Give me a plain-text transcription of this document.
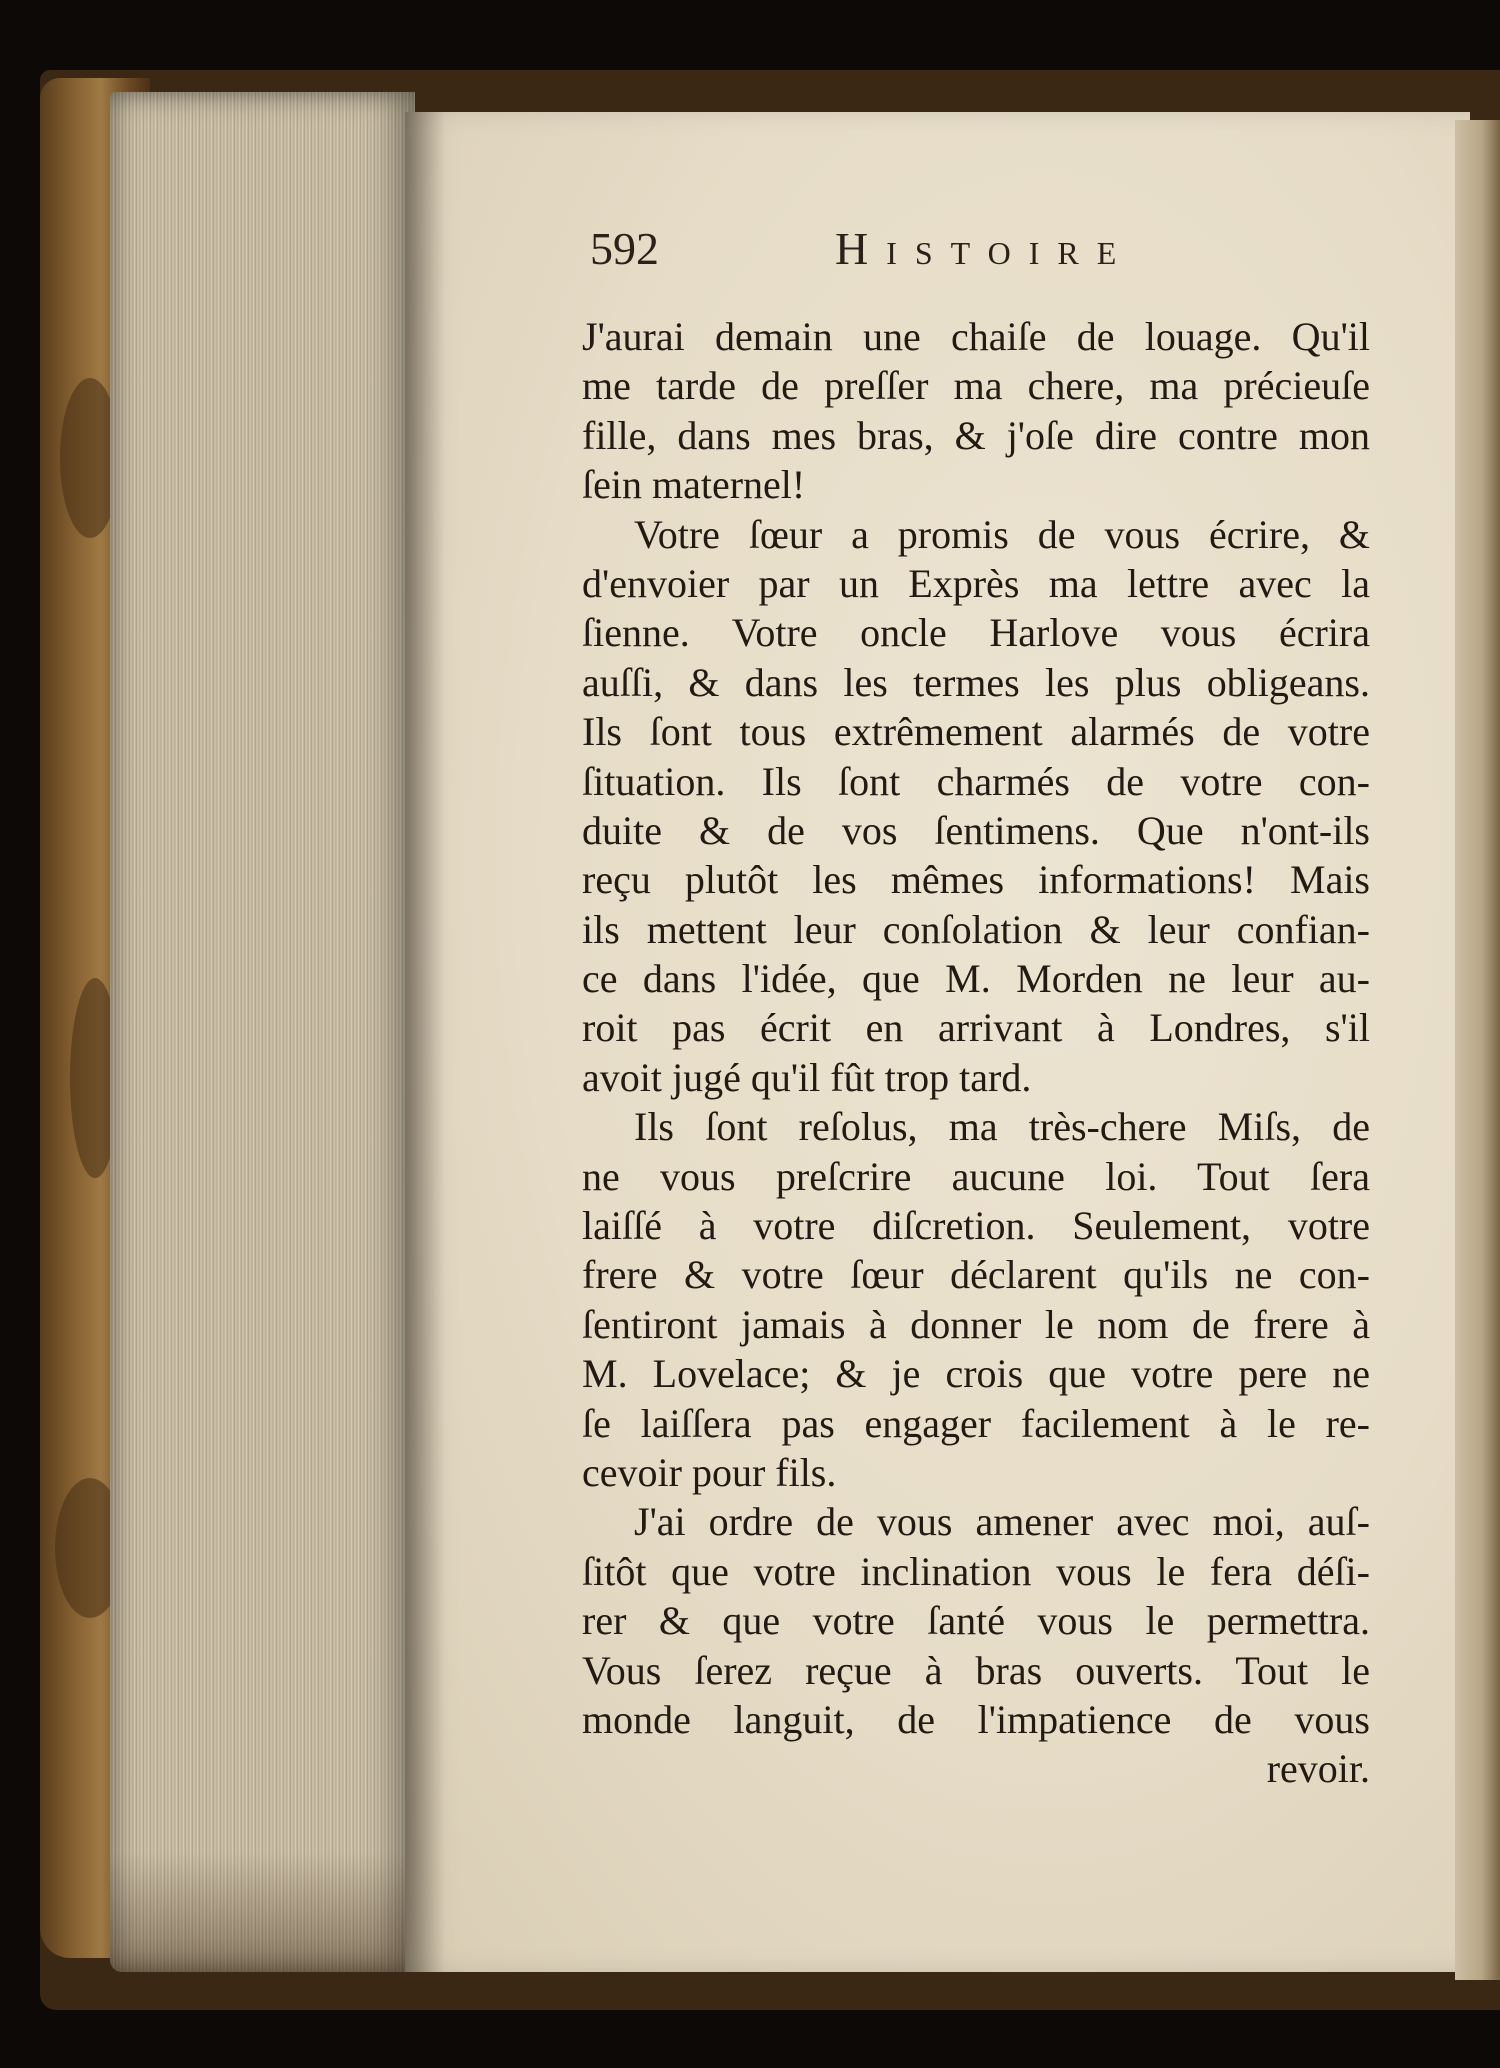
592	Histoire
J'aurai demain une chaiſe de louage. Qu'il
me tarde de preſſer ma chere, ma précieuſe
fille, dans mes bras, & j'oſe dire contre mon
ſein maternel!
Votre ſœur a promis de vous écrire, &
d'envoier par un Exprès ma lettre avec la
ſienne. Votre oncle Harlove vous écrira
auſſi, & dans les termes les plus obligeans.
Ils ſont tous extrêmement alarmés de votre
ſituation. Ils ſont charmés de votre con-
duite & de vos ſentimens. Que n'ont-ils
reçu plutôt les mêmes informations! Mais
ils mettent leur conſolation & leur confian-
ce dans l'idée, que M. Morden ne leur au-
roit pas écrit en arrivant à Londres, s'il
avoit jugé qu'il fût trop tard.
Ils ſont reſolus, ma très-chere Miſs, de
ne vous preſcrire aucune loi. Tout ſera
laiſſé à votre diſcretion. Seulement, votre
frere & votre ſœur déclarent qu'ils ne con-
ſentiront jamais à donner le nom de frere à
M. Lovelace; & je crois que votre pere ne
ſe laiſſera pas engager facilement à le re-
cevoir pour fils.
J'ai ordre de vous amener avec moi, auſ-
ſitôt que votre inclination vous le fera déſi-
rer & que votre ſanté vous le permettra.
Vous ſerez reçue à bras ouverts. Tout le
monde languit, de l'impatience de vous
revoir.
